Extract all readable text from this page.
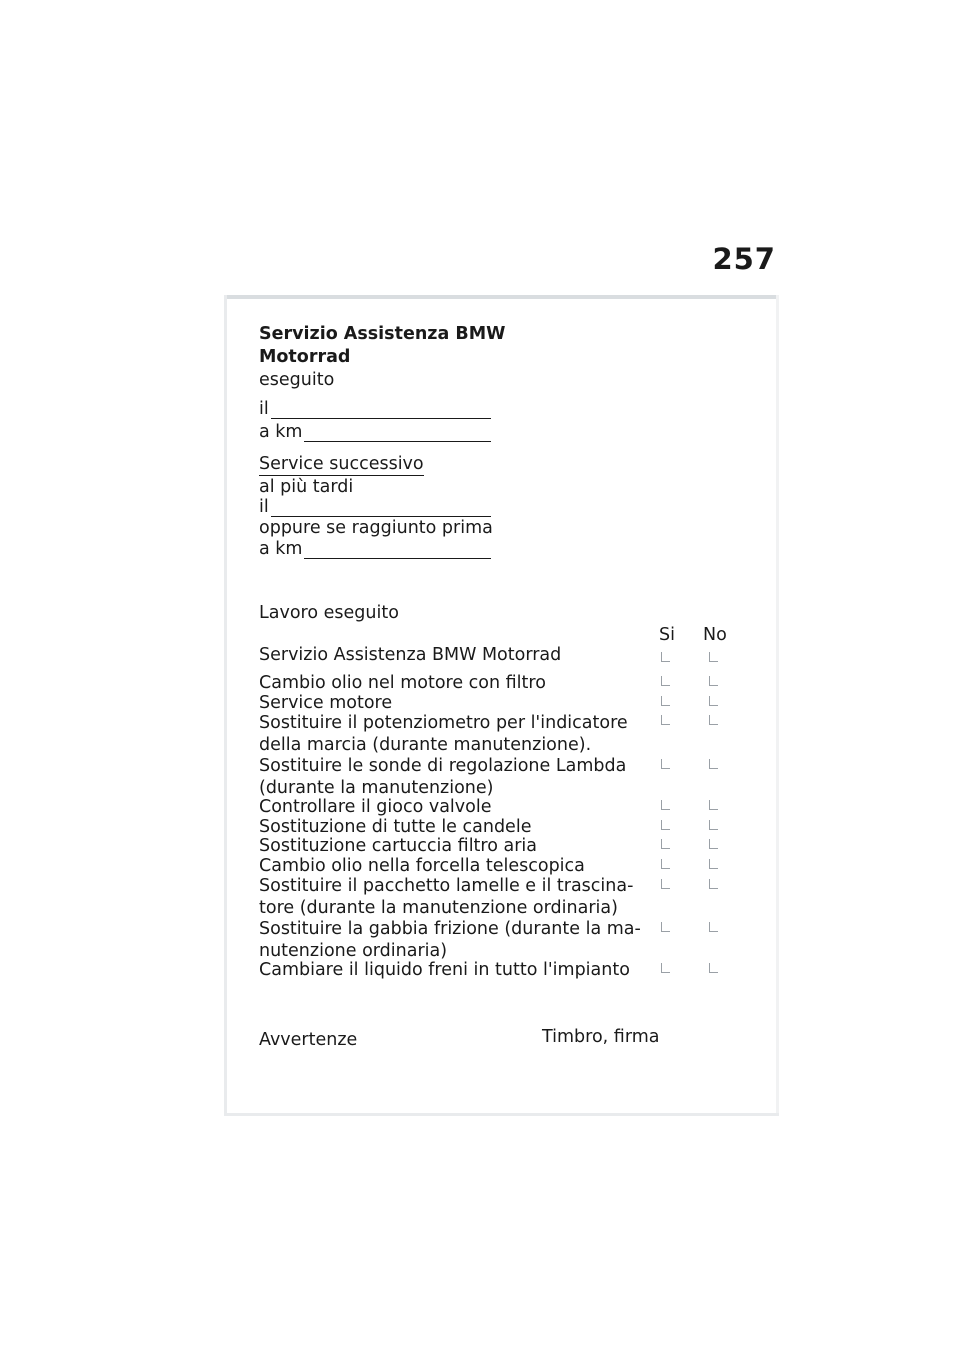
257
Servizio Assistenza BMW
Motorrad
eseguito
il
a km
Service successivo
al più tardi
il
oppure se raggiunto prima
a km
Lavoro eseguito
Si No
Servizio Assistenza BMW Motorrad
Cambio olio nel motore con filtro
Service motore
Sostituire il potenziometro per l'indicatore
della marcia (durante manutenzione).
Sostituire le sonde di regolazione Lambda
(durante la manutenzione)
Controllare il gioco valvole
Sostituzione di tutte le candele
Sostituzione cartuccia filtro aria
Cambio olio nella forcella telescopica
Sostituire il pacchetto lamelle e il trascina-
tore (durante la manutenzione ordinaria)
Sostituire la gabbia frizione (durante la ma-
nutenzione ordinaria)
Cambiare il liquido freni in tutto l'impianto
Avvertenze	Timbro, firma
